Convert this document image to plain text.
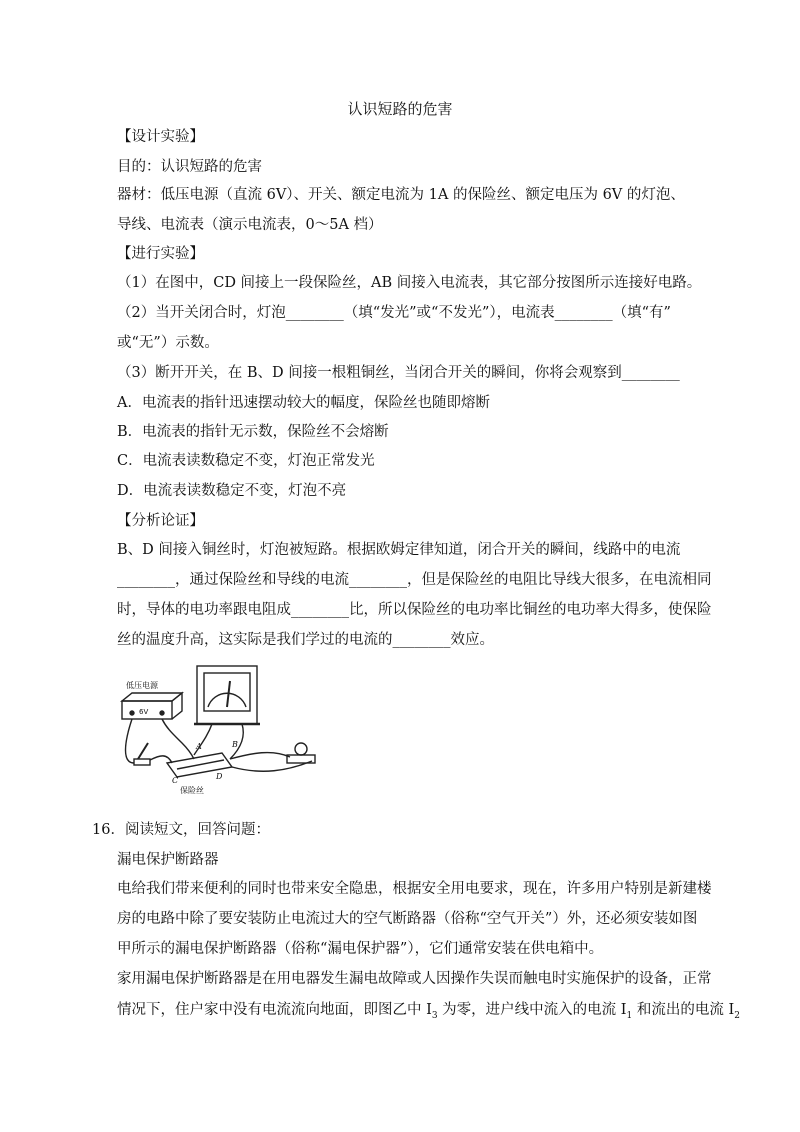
认识短路的危害
【设计实验】
目的：认识短路的危害
器材：低压电源（直流 6V）、开关、额定电流为 1A 的保险丝、额定电压为 6V 的灯泡、
导线、电流表（演示电流表，0～5A 档）
【进行实验】
（1）在图中，CD 间接上一段保险丝，AB 间接入电流表，其它部分按图所示连接好电路。
（2）当开关闭合时，灯泡________（填“发光”或“不发光”），电流表________（填“有”
或“无”）示数。
（3）断开开关，在 B、D 间接一根粗铜丝，当闭合开关的瞬间，你将会观察到________
A．电流表的指针迅速摆动较大的幅度，保险丝也随即熔断
B．电流表的指针无示数，保险丝不会熔断
C．电流表读数稳定不变，灯泡正常发光
D．电流表读数稳定不变，灯泡不亮
【分析论证】
B、D 间接入铜丝时，灯泡被短路。根据欧姆定律知道，闭合开关的瞬间，线路中的电流
________，通过保险丝和导线的电流________，但是保险丝的电阻比导线大很多，在电流相同
时，导体的电功率跟电阻成________比，所以保险丝的电功率比铜丝的电功率大得多，使保险
丝的温度升高，这实际是我们学过的电流的________效应。
低压电源
6V
A	B
C	D
保险丝
16．阅读短文，回答问题：
漏电保护断路器
电给我们带来便利的同时也带来安全隐患，根据安全用电要求，现在，许多用户特别是新建楼
房的电路中除了要安装防止电流过大的空气断路器（俗称“空气开关”）外，还必须安装如图
甲所示的漏电保护断路器（俗称“漏电保护器”），它们通常安装在供电箱中。
家用漏电保护断路器是在用电器发生漏电故障或人因操作失误而触电时实施保护的设备，正常
情况下，住户家中没有电流流向地面，即图乙中 $I_3$ 为零，进户线中流入的电流 $I_1$ 和流出的电流 $I_2$
